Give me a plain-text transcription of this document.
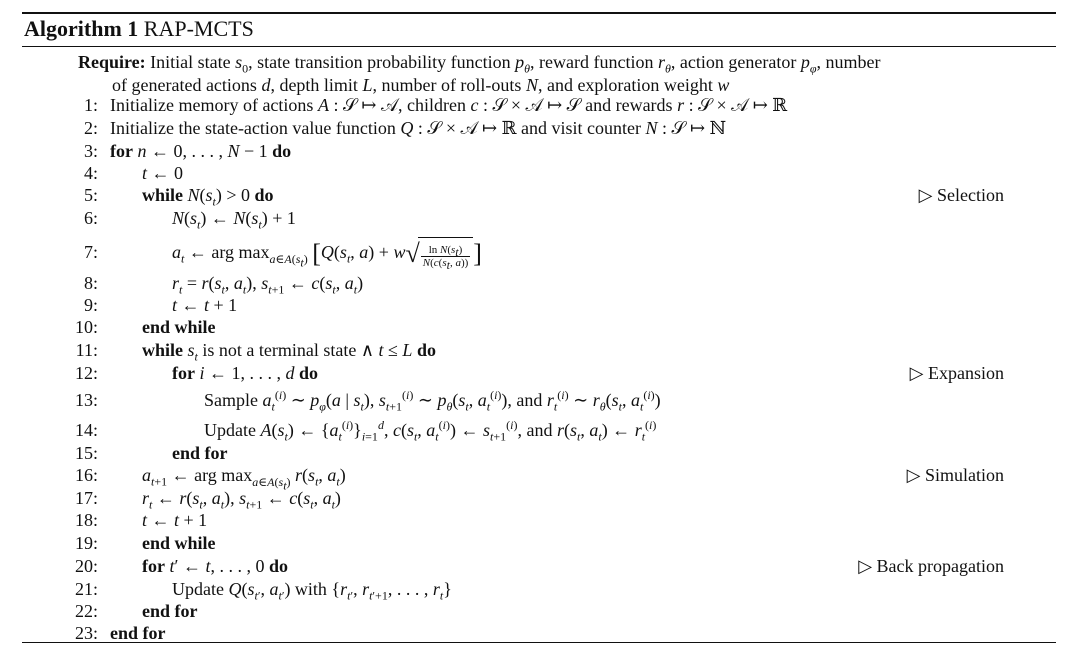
Algorithm 1 RAP-MCTS
Require: Initial state $s_0$, state transition probability function $p_\theta$, reward function $r_\theta$, action generator $p_\varphi$, number
of generated actions d, depth limit L, number of roll-outs N, and exploration weight w
1: Initialize memory of actions A : 𝒮 ↦ 𝒜, children c : 𝒮 × 𝒜 ↦ 𝒮 and rewards r : 𝒮 × 𝒜 ↦ ℝ
2: Initialize the state-action value function Q : 𝒮 × 𝒜 ↦ ℝ and visit counter N : 𝒮 ↦ ℕ
3: for n ← 0, . . . , N − 1 do
4: t ← 0
5: while $N(s_t) > 0$ do	▷ Selection
6:	$N(s_t)$ ← $N(s_t) + 1$
7:	$a_t$ ← arg $\max_{a\in A(s_t)} [Q(s_t$, $a) + w√ \frac{\ln N(s_t)}{N(c(s_t, a))}$ ]
8:	$r_t = r(s_t$, $a_t$), $s_{t+1}$ ← $c(s_t$, $a_t$)
9:	t ← t + 1
10: end while
11: while $s_t$ is not a terminal state ∧ t ≤ L do
12:	for i ← 1, . . . , d do	▷ Expansion
13:	Sample $a_t^{(i)}$ ∼ $p_\varphi(a$ | $s_t$), $s_{t+1}^{(i)}$ ∼ $p_\theta(s_t$, $a_t^{(i)}$), and $r_t^{(i)}$ ∼ $r_\theta(s_t$, $a_t^{(i)}$)
14:	Update $A(s_t)$ ← $\{a_t^{(i)}\}_{i=1}^d$, $c(s_t$, $a_t^{(i)}$) ← $s_{t+1}^{(i)}$, and $r(s_t$, $a_t$) ← $r_t^{(i)}$
15:	end for
16: $a_{t+1}$ ← arg $\max_{a\in A(s_t)} r(s_t$, $a_t$)	▷ Simulation
17: $r_t$ ← $r(s_t$, $a_t$), $s_{t+1}$ ← $c(s_t$, $a_t$)
18: t ← t + 1
19: end while
20: for t′ ← t, . . . , 0 do	▷ Back propagation
21:	Update $Q(s_{t'}$, $a_{t'}$) with {$r_{t'}$, $r_{t'+1}$, . . . , $r_t$}
22: end for
23: end for
